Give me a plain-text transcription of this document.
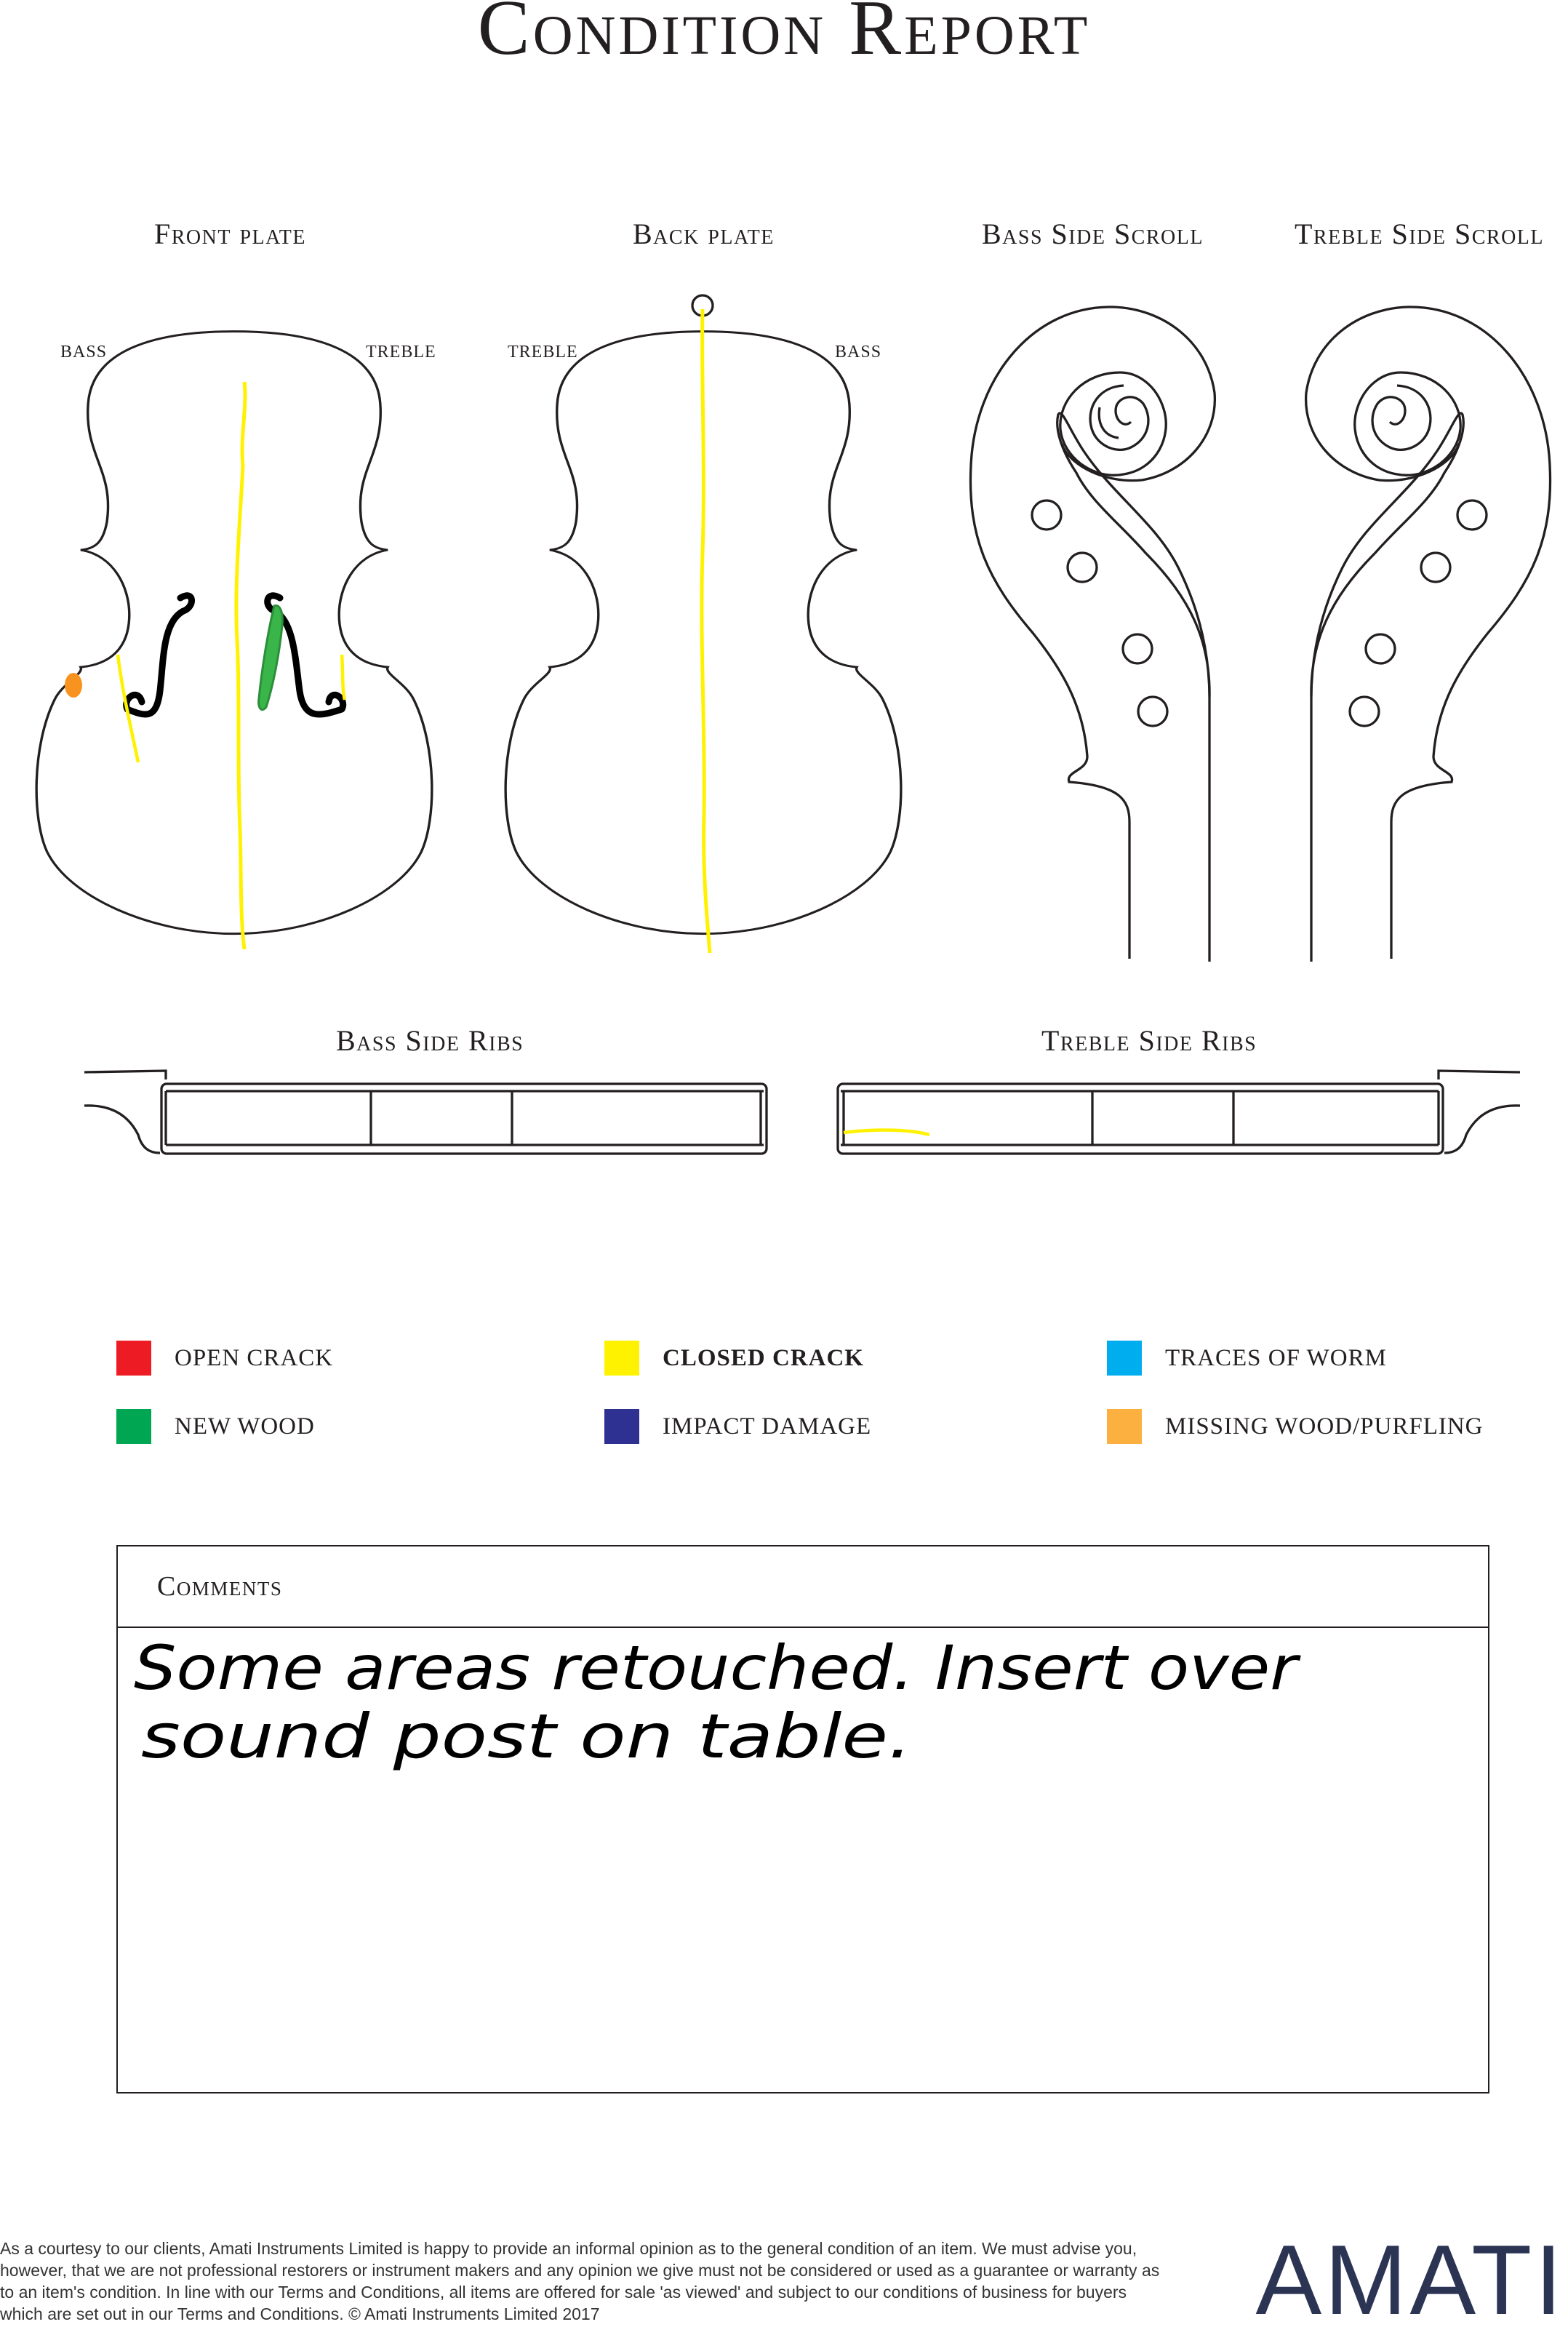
Condition Report
Front plate	Back plate	Bass Side Scroll	Treble Side Scroll
Bass Side Ribs	Treble Side Ribs
BASS	TREBLE	TREBLE	BASS
OPEN CRACK	CLOSED CRACK	TRACES OF WORM
NEW WOOD	IMPACT DAMAGE	MISSING WOOD/PURFLING
Comments
Some areas retouched. Insert over
sound post on table.
As a courtesy to our clients, Amati Instruments Limited is happy to provide an informal opinion as to the general condition of an item. We must advise you, however, that we are not professional restorers or instrument makers and any opinion we give must not be considered or used as a guarantee or warranty as to an item's condition. In line with our Terms and Conditions, all items are offered for sale 'as viewed' and subject to our conditions of business for buyers which are set out in our Terms and Conditions. © Amati Instruments Limited 2017	AMATI
